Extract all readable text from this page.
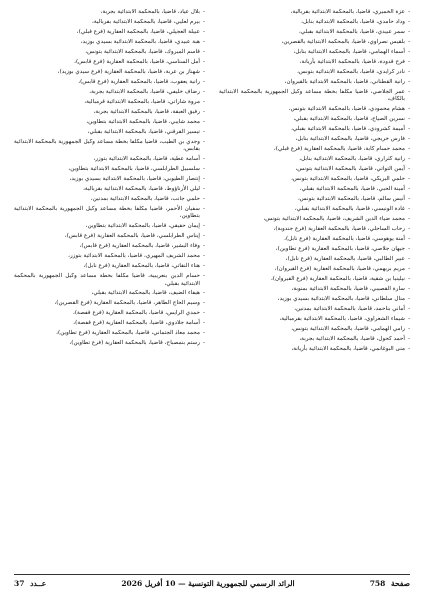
- عزة الخميري، قاضيا، بالمحكمة الابتدائية بقربالية،
- وداد حامدي، قاضيا، بالمحكمة الابتدائية بنابل،
- سمر عبيدي، قاضيا، بالمحكمة الابتدائية بقبلي،
- بلقيس نصراوي، قاضيا، بالمحكمة الابتدائية بالقصرين،
- أسماء الهمامي، قاضيا، بالمحكمة الابتدائية بنابل،
- فرح قدودة، قاضيا، بالمحكمة الابتدائية بأريانة،
- نادر كرايدي، قاضيا، بالمحكمة الابتدائية بتونس،
- رانية القطناني، قاضيا، بالمحكمة الابتدائية بالقيروان،
- عمر الجلاصي، قاضيا مكلفا بخطة مساعد وكيل الجمهورية بالمحكمة الابتدائية بالكاف،
- هشام محمودي، قاضيا، بالمحكمة الابتدائية بتونس،
- نسرين الصياح، قاضيا، بالمحكمة الابتدائية بقبلي،
- أميمة كشرودي، قاضيا، بالمحكمة الابتدائية بقبلي،
- فارس خريجي، قاضيا، بالمحكمة الابتدائية بنابل،
- محمد حسام كابة، قاضيا، بالمحكمة العقارية (فرع قبلي)،
- رانية كثراري، قاضيا، بالمحكمة الابتدائية بنابل،
- أيمن التواتي، قاضيا، بالمحكمة الابتدائية بتونس،
- حلمي البريكي، قاضيا، بالمحكمة الابتدائية بتونس،
- أمينة الحبي، قاضيا، بالمحكمة الابتدائية بقبلي،
- أنيس سالم، قاضيا، بالمحكمة الابتدائية بتونس،
- غادة الونيسي، قاضيا، بالمحكمة الابتدائية بقبلي،
- محمد ضياء الدين الشريف، قاضيا، بالمحكمة الابتدائية بتونس،
- رحاب الساحلي، قاضيا، بالمحكمة العقارية (فرع جندوبة)،
- أمنة يوهوسي، قاضيا، بالمحكمة العقارية (فرع نابل)،
- جيهان جلاصي، قاضيا، بالمحكمة العقارية (فرع تطاوين)،
- عبير الطالبي، قاضيا، بالمحكمة العقارية (فرع نابل)،
- مريم بريهمي، قاضيا، بالمحكمة العقارية (فرع القيروان)،
- نيلينيا بن شقية، قاضيا، بالمحكمة العقارية (فرع القيروان)،
- سارة القصيبي، قاضيا، بالمحكمة الابتدائية بمنوبة،
- منال سلطاني، قاضيا، بالمحكمة الابتدائية بسيدي بوزيد،
- أماني بناحمد، قاضيا، بالمحكمة الابتدائية بمدنين،
- شيماء الشعراوي، قاضيا، بالمحكمة الابتدائية بقرمبالية،
- رامي الهمامي، قاضيا، بالمحكمة الابتدائية بتونس،
- أحمد كحول، قاضيا، بالمحكمة الابتدائية بجربة،
- منى البوغانمي، قاضيا، بالمحكمة الابتدائية بأريانة،
- بلال عياد، قاضيا، بالمحكمة الابتدائية بجربة،
- بيرم لعليي، قاضيا، بالمحكمة الابتدائية بقربالية،
- عبيلة العجيلي، قاضيا، بالمحكمة العقارية (فرع قبلي)،
- هبة عبيدي، قاضيا، بالمحكمة الابتدائية بسيدي بوزيد،
- قاسم الميروك، قاضيا، بالمحكمة الابتدائية بتونس،
- أمل السناسي، قاضيا، بالمحكمة العقارية (فرع قابس)،
- شهناز بن عربة، قاضيا، بالمحكمة العقارية (فرع سيدي بوزيد)،
- رانية يعقوب، قاضيا، بالمحكمة العقارية (فرع قابس)،
- رضاف خليفي، قاضيا، بالمحكمة الابتدائية بجربة،
- مروة شاراتي، قاضيا، بالمحكمة الابتدائية قرمبالية،
- رفيق العبقة، قاضيا، بالمحكمة الابتدائية بجربة،
- محمد شايبي، قاضيا، بالمحكمة الابتدائية بتطاوين،
- تيسير القرقني، قاضيا، بالمحكمة الابتدائية بقبلي،
- وجدي بن الطيب، قاضيا مكلفا بخطة مساعد وكيل الجمهورية بالمحكمة الابتدائية بقابس،
- أسامة عطية، قاضيا، بالمحكمة الابتدائية بتوزر،
- سلسبيل الطرابلسي، قاضيا، بالمحكمة الابتدائية بتطاوين،
- إنتصار الطيوبي، قاضيا، بالمحكمة الابتدائية بسيدي بوزيد،
- ليلي الأرناؤوط، قاضيا، بالمحكمة الابتدائية بقربالية،
- حلمي جانب، قاضيا، بالمحكمة الابتدائية بمدنين،
- سفيان الأحمر، قاضيا مكلفا بخطة مساعد وكيل الجمهورية بالمحكمة الابتدائية بتطاوين،
- إيمان حقيقي، قاضيا، بالمحكمة الابتدائية بتطاوين،
- إيناس الطرابلسي، قاضيا، بالمحكمة العقارية (فرع قابس)،
- وفاء البشير، قاضيا، بالمحكمة العقارية (فرع قابس)،
- محمد الشريف المهيري، قاضيا، بالمحكمة الابتدائية بتوزر،
- هناء النقاتي، قاضيا، بالمحكمة العقارية (فرع نابل)،
- حسام الدين بنعريبية، قاضيا مكلفا بخطة مساعد وكيل الجمهورية بالمحكمة الابتدائية بقبلي،
- هيفاء الضيف، قاضيا، بالمحكمة الابتدائية بقبلي،
- وسيم الحاج الطاهر، قاضيا، بالمحكمة العقارية (فرع القصرين)،
- حمدي الرايس، قاضيا، بالمحكمة العقارية (فرع قفصة)،
- أسامة جلادوي، قاضيا، بالمحكمة العقارية (فرع قفصة)،
- محمد معاذ الجتماني، قاضيا، بالمحكمة العقارية (فرع تطاوين)،
- رستم بنمصباح، قاضيا، بالمحكمة العقارية (فرع تطاوين)،
صفحة 758
الرائد الرسمي للجمهورية التونسية — 10 أفريل 2026
عــدد 37
